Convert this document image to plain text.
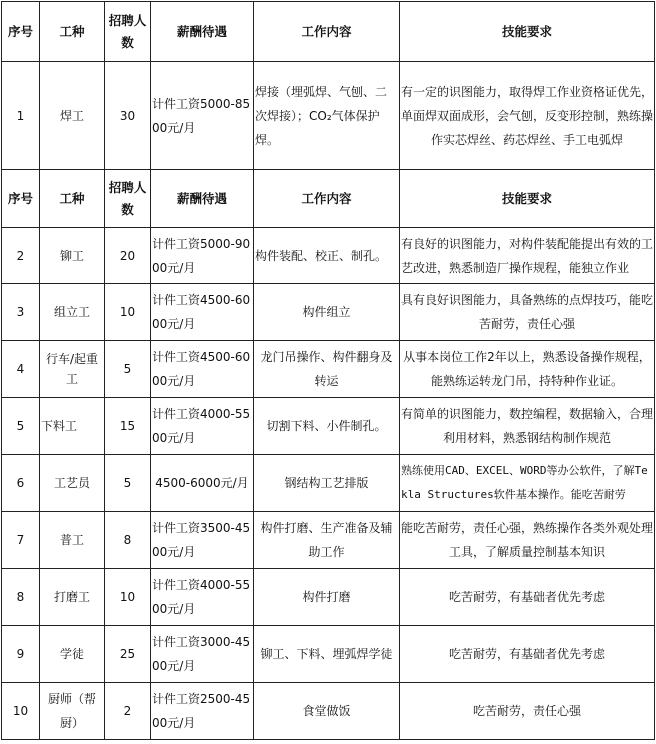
序号	工种	招聘人数	薪酬待遇	工作内容	技能要求
1	焊工	30	计件工资5000-8500元/月	焊接（埋弧焊、气刨、二次焊接）；CO₂气体保护焊。	有一定的识图能力，取得焊工作业资格证优先，单面焊双面成形，会气刨，反变形控制，熟练操作实芯焊丝、药芯焊丝、手工电弧焊
序号	工种	招聘人数	薪酬待遇	工作内容	技能要求
2	铆工	20	计件工资5000-9000元/月	构件装配、校正、制孔。	有良好的识图能力，对构件装配能提出有效的工艺改进，熟悉制造厂操作规程，能独立作业
3	组立工	10	计件工资4500-6000元/月	构件组立	具有良好识图能力，具备熟练的点焊技巧，能吃苦耐劳，责任心强
4	行车/起重工	5	计件工资4500-6000元/月	龙门吊操作、构件翻身及转运	从事本岗位工作2年以上，熟悉设备操作规程，能熟练运转龙门吊，持特种作业证。
5	下料工	15	计件工资4000-5500元/月	切割下料、小件制孔。	有简单的识图能力，数控编程，数据输入，合理利用材料，熟悉钢结构制作规范
6	工艺员	5	4500-6000元/月	钢结构工艺排版	熟练使用CAD、EXCEL、WORD等办公软件，了解Tekla Structures软件基本操作。能吃苦耐劳
7	普工	8	计件工资3500-4500元/月	构件打磨、生产准备及辅助工作	能吃苦耐劳，责任心强，熟练操作各类外观处理工具，了解质量控制基本知识
8	打磨工	10	计件工资4000-5500元/月	构件打磨	吃苦耐劳，有基础者优先考虑
9	学徒	25	计件工资3000-4500元/月	铆工、下料、埋弧焊学徒	吃苦耐劳，有基础者优先考虑
10	厨师（帮厨）	2	计件工资2500-4500元/月	食堂做饭	吃苦耐劳，责任心强
